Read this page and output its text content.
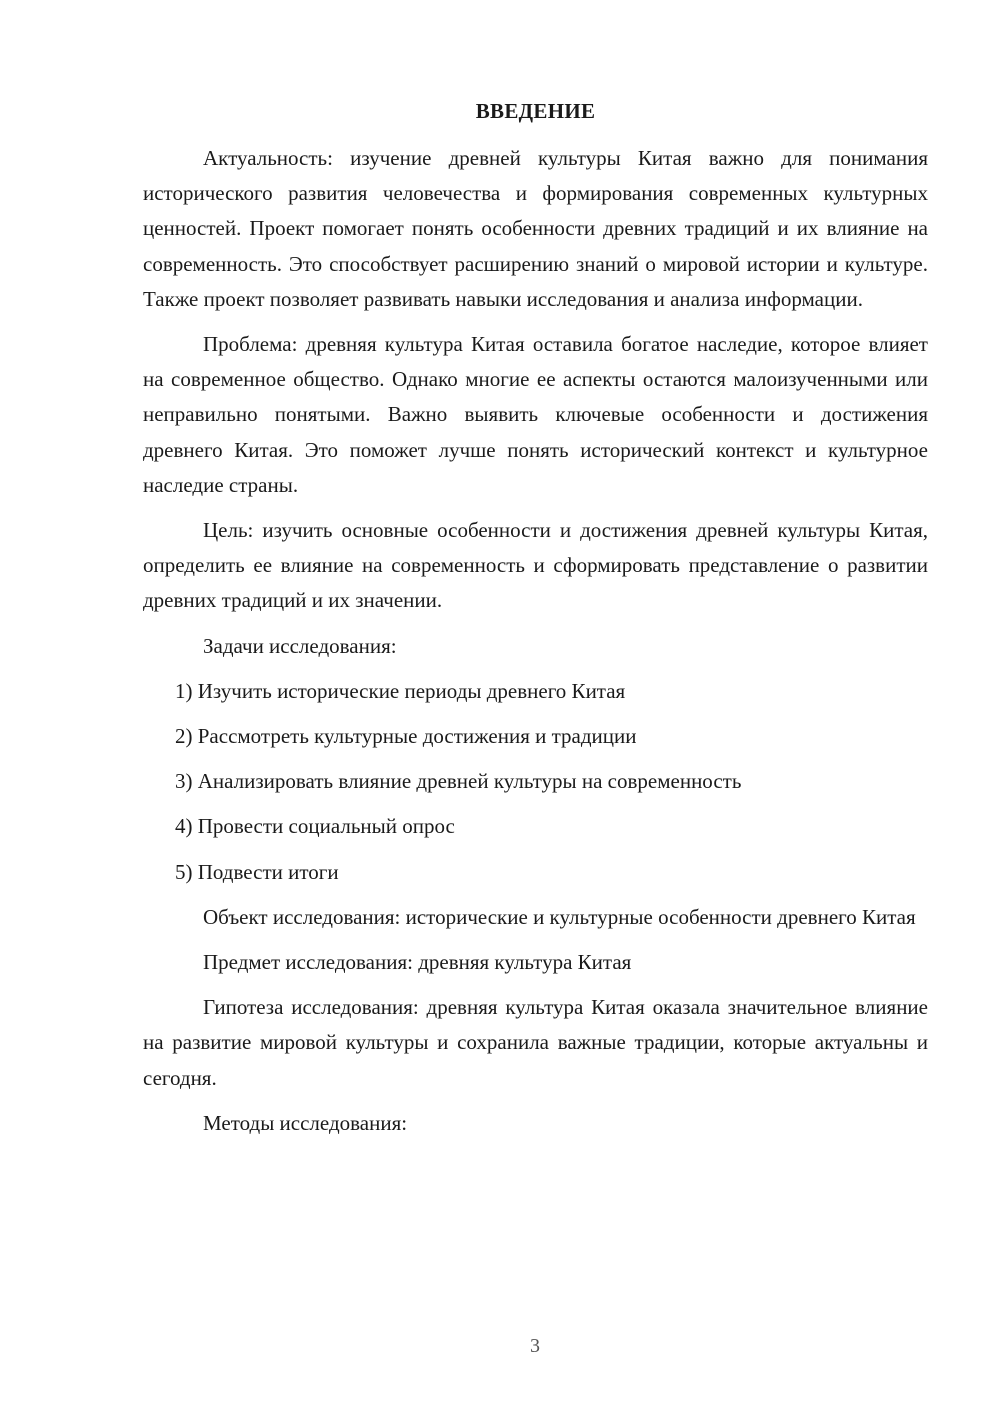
ВВЕДЕНИЕ

Актуальность: изучение древней культуры Китая важно для понимания исторического развития человечества и формирования современных культурных ценностей. Проект помогает понять особенности древних традиций и их влияние на современность. Это способствует расширению знаний о мировой истории и культуре. Также проект позволяет развивать навыки исследования и анализа информации.

Проблема: древняя культура Китая оставила богатое наследие, которое влияет на современное общество. Однако многие ее аспекты остаются малоизученными или неправильно понятыми. Важно выявить ключевые особенности и достижения древнего Китая. Это поможет лучше понять исторический контекст и культурное наследие страны.

Цель: изучить основные особенности и достижения древней культуры Китая, определить ее влияние на современность и сформировать представление о развитии древних традиций и их значении.

Задачи исследования:

1) Изучить исторические периоды древнего Китая
2) Рассмотреть культурные достижения и традиции
3) Анализировать влияние древней культуры на современность
4) Провести социальный опрос
5) Подвести итоги

Объект исследования: исторические и культурные особенности древнего Китая

Предмет исследования: древняя культура Китая

Гипотеза исследования: древняя культура Китая оказала значительное влияние на развитие мировой культуры и сохранила важные традиции, которые актуальны и сегодня.

Методы исследования:

3
